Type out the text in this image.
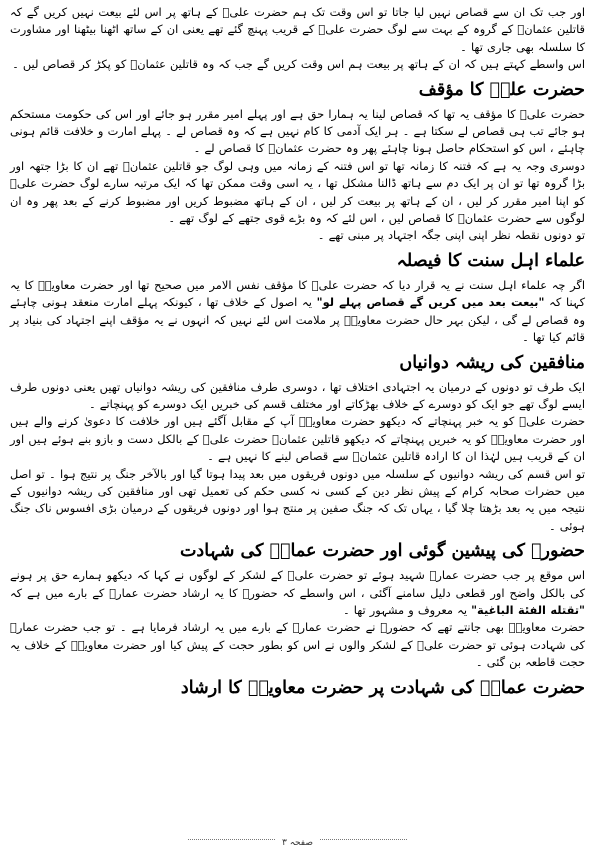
اور جب تک ان سے قصاص نہیں لیا جاتا تو اس وقت تک ہم حضرت علیؓ کے ہاتھ پر اس لئے بیعت نہیں کریں گے کہ قاتلین عثمانؓ کے گروہ کے بہت سے لوگ حضرت علیؓ کے قریب پہنچ گئے تھے یعنی ان کے ساتھ اٹھنا بیٹھنا اور مشاورت کا سلسلہ بھی جاری تھا ۔

اس واسطے کہتے ہیں کہ ان کے ہاتھ پر بیعت ہم اس وقت کریں گے جب کہ وہ قاتلین عثمانؓ کو پکڑ کر قصاص لیں ۔

حضرت علیؓ کا مؤقف

حضرت علیؓ کا مؤقف یہ تھا کہ قصاص لینا یہ ہمارا حق ہے اور پہلے امیر مقرر ہو جائے اور اس کی حکومت مستحکم ہو جائے تب ہی قصاص لے سکتا ہے ۔ ہر ایک آدمی کا کام نہیں ہے کہ وہ قصاص لے ۔ پہلے امارت و خلافت قائم ہونی چاہئے ، اس کو استحکام حاصل ہونا چاہئے پھر وہ حضرت عثمانؓ کا قصاص لے ۔

دوسری وجہ یہ ہے کہ فتنہ کا زمانہ تھا تو اس فتنہ کے زمانہ میں وہی لوگ جو قاتلین عثمانؓ تھے ان کا بڑا جتھہ اور بڑا گروہ تھا تو ان پر ایک دم سے ہاتھ ڈالنا مشکل تھا ، یہ اسی وقت ممکن تھا کہ ایک مرتبہ سارے لوگ حضرت علیؓ کو اپنا امیر مقرر کر لیں ، ان کے ہاتھ پر بیعت کر لیں ، ان کے ہاتھ مضبوط کریں اور مضبوط کرنے کے بعد پھر وہ ان لوگوں سے حضرت عثمانؓ کا قصاص لیں ، اس لئے کہ وہ بڑے قوی جتھے کے لوگ تھے ۔

تو دونوں نقطہ نظر اپنی اپنی جگہ اجتہاد پر مبنی تھے ۔

علماء اہل سنت کا فیصلہ

اگر چہ علماء اہل سنت نے یہ قرار دیا کہ حضرت علیؓ کا مؤقف نفس الامر میں صحیح تھا اور حضرت معاویہؓ کا یہ کہنا کہ "بیعت بعد میں کریں گے قصاص پہلے لو" یہ اصول کے خلاف تھا ، کیونکہ پہلے امارت منعقد ہونی چاہئے وہ قصاص لے گی ، لیکن بہر حال حضرت معاویہؓ پر ملامت اس لئے نہیں کہ انہوں نے یہ مؤقف اپنے اجتہاد کی بنیاد پر قائم کیا تھا ۔

منافقین کی ریشہ دوانیاں

ایک طرف تو دونوں کے درمیان یہ اجتہادی اختلاف تھا ، دوسری طرف منافقین کی ریشہ دوانیاں تھیں یعنی دونوں طرف ایسے لوگ تھے جو ایک کو دوسرے کے خلاف بھڑکاتے اور مختلف قسم کی خبریں ایک دوسرے کو پہنچاتے ۔

حضرت علیؓ کو یہ خبر پہنچاتے کہ دیکھو حضرت معاویہؓ آپ کے مقابل آگئے ہیں اور خلافت کا دعویٰ کرنے والے ہیں اور حضرت معاویہؓ کو یہ خبریں پہنچاتے کہ دیکھو قاتلین عثمانؓ حضرت علیؓ کے بالکل دست و بازو بنے ہوئے ہیں اور ان کے قریب ہیں لہٰذا ان کا ارادہ قاتلین عثمانؓ سے قصاص لینے کا نہیں ہے ۔

تو اس قسم کی ریشہ دوانیوں کے سلسلہ میں دونوں فریقوں میں بعد پیدا ہوتا گیا اور بالآخر جنگ پر نتیج ہوا ۔ تو اصل میں حضرات صحابہ کرام کے پیش نظر دین کے کسی نہ کسی حکم کی تعمیل تھی اور منافقین کی ریشہ دوانیوں کے نتیجہ میں یہ بعد بڑھتا چلا گیا ، یہاں تک کہ جنگ صفین پر منتج ہوا اور دونوں فریقوں کے درمیان بڑی افسوس ناک جنگ ہوئی ۔

حضورﷺ کی پیشین گوئی اور حضرت عمارؓ کی شہادت

اس موقع پر جب حضرت عمارؓ شہید ہوئے تو حضرت علیؓ کے لشکر کے لوگوں نے کہا کہ دیکھو ہمارے حق پر ہونے کی بالکل واضح اور قطعی دلیل سامنے آگئی ، اس واسطے کہ حضورﷺ کا یہ ارشاد حضرت عمارؓ کے بارے میں ہے کہ "تقتله الفئة الباغية" یہ معروف و مشہور تھا ۔

حضرت معاویہؓ بھی جانتے تھے کہ حضورﷺ نے حضرت عمارؓ کے بارے میں یہ ارشاد فرمایا ہے ۔ تو جب حضرت عمارؓ کی شہادت ہوئی تو حضرت علیؓ کے لشکر والوں نے اس کو بطور حجت کے پیش کیا اور حضرت معاویہؓ کے خلاف یہ حجت قاطعہ بن گئی ۔

حضرت عمارؓ کی شہادت پر حضرت معاویہؓ کا ارشاد
صفحہ ۳
